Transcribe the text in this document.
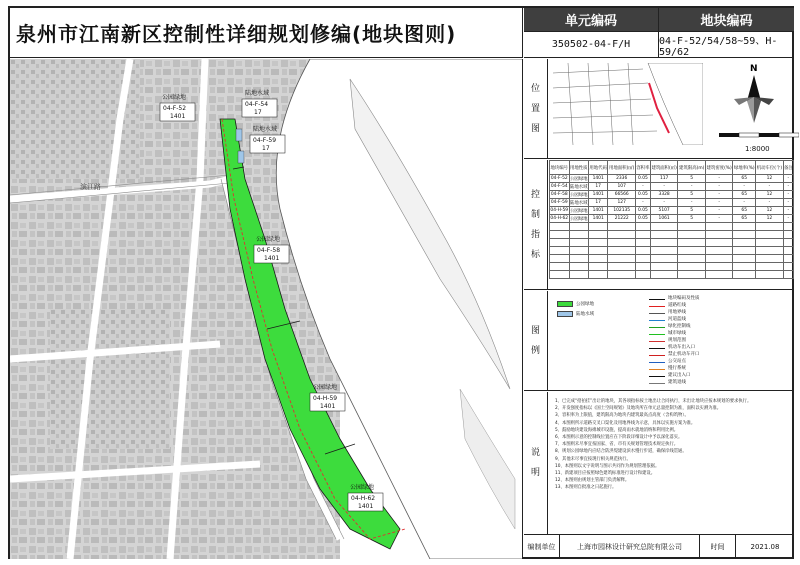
泉州市江南新区控制性详细规划修编(地块图则)
滨江路
公园绿地
04-F-52
1401
陆地水域
04-F-54
17
陆地水域
04-F-59
17
公园绿地
04-F-58
1401
公园绿地
04-H-59
1401
公园绿地
04-H-62
1401
单元编码	地块编码
350502-04-F/H	04-F-52/54/58~59、H-59/62
位
置
图
N
1:8000
控
制
指
标
地块编号	用地性质	用地代码	用地面积(㎡)	容积率	建筑面积(㎡)	建筑限高(m)	建筑密度(%)	绿地率(%)	机动车位(个)	备注
04-F-52	公园绿地	1401	2336	0.05	117	5	-	65	12	-
04-F-54	陆地水域	17	107	-	-	-	-	-	-	-
04-F-58	公园绿地	1401	66566	0.05	3328	5	-	65	12	-
04-F-59	陆地水域	17	127	-	-	-	-	-	-	-
04-H-59	公园绿地	1401	102135	0.05	5107	5	-	65	12	-
04-H-62	公园绿地	1401	21222	0.05	1061	5	-	65	12	-

图
例
公园绿地
陆地水域
地块编码及性质
道路红线
用地界线
河道蓝线
绿化控制线
城市绿线
规划范围
机动车出入口
禁止机动车开口
公交站点
慢行系统
建议出入口
建筑退线
说
明

1、已完成“招拍挂”出让的地块，其各项指标按土地出让合同执行，未出让地块应按本规划的要求执行。

2、开发强度指标以《国土空间规划》及地块所在单元总量控制为准，面积以实测为准。

3、容积率为上限值，建筑限高为地块内建筑最高点高度（含构筑物）。

4、本图则所示道路交叉口渠化及用地界线为示意，具体以实施方案为准。

5、鼓励地块建设海绵城市设施，提高雨水就地消纳和利用比例。

6、本图则示意的控制线位置应在下阶段详细设计中予以深化落实。

7、本图则未尽事宜按国家、省、市有关规划管理技术规定执行。

8、规划公园绿地内应结合防洪堤建设滨水慢行步道，确保岸线贯通。

9、其他未尽事宜按现行相关规范执行。

10、本图则以文字说明与图示共同作为规划管理依据。

11、新建项目应按照绿色建筑标准进行设计和建设。

12、本图则由规划主管部门负责解释。

13、本图则自批准之日起施行。

编制单位	上海市园林设计研究总院有限公司	时间	2021.08
